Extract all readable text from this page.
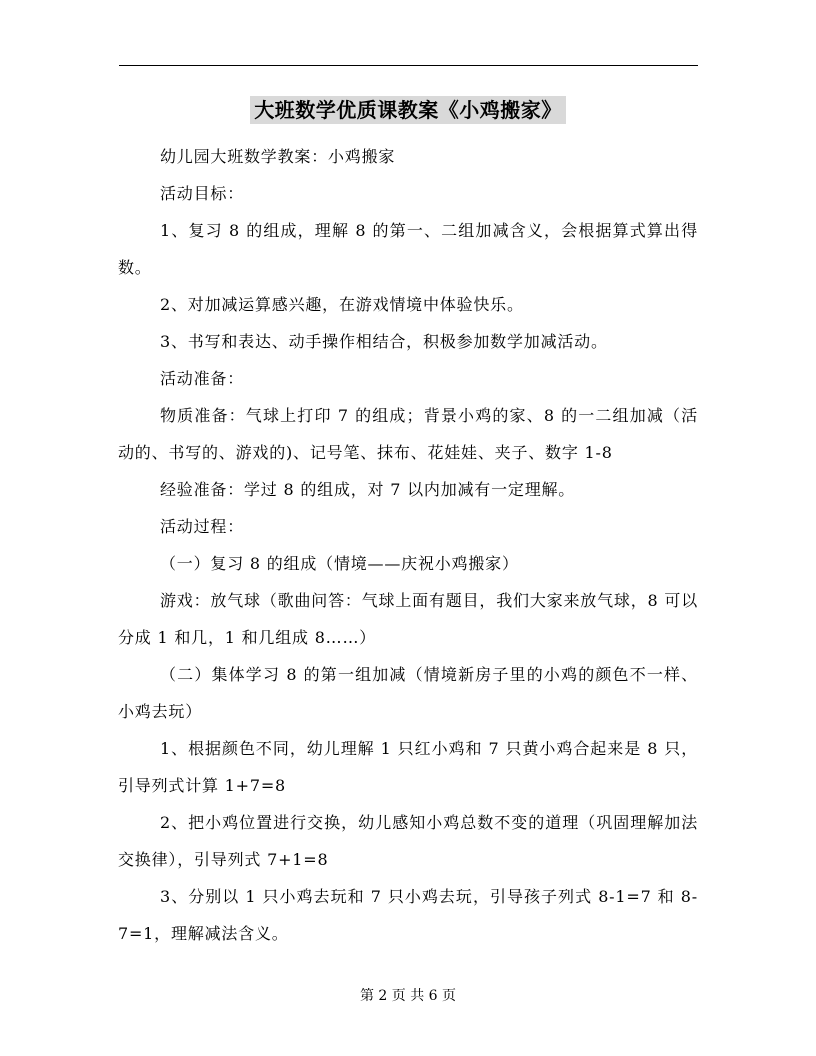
大班数学优质课教案《小鸡搬家》

幼儿园大班数学教案：小鸡搬家

活动目标：

1、复习 8 的组成，理解 8 的第一、二组加减含义，会根据算式算出得数。

2、对加减运算感兴趣，在游戏情境中体验快乐。

3、书写和表达、动手操作相结合，积极参加数学加减活动。

活动准备：

物质准备：气球上打印 7 的组成；背景小鸡的家、8 的一二组加减（活动的、书写的、游戏的)、记号笔、抹布、花娃娃、夹子、数字 1-8

经验准备：学过 8 的组成，对 7 以内加减有一定理解。

活动过程：

（一）复习 8 的组成（情境——庆祝小鸡搬家）

游戏：放气球（歌曲问答：气球上面有题目，我们大家来放气球，8 可以分成 1 和几，1 和几组成 8……）

（二）集体学习 8 的第一组加减（情境新房子里的小鸡的颜色不一样、小鸡去玩）

1、根据颜色不同，幼儿理解 1 只红小鸡和 7 只黄小鸡合起来是 8 只，引导列式计算 1+7=8

2、把小鸡位置进行交换，幼儿感知小鸡总数不变的道理（巩固理解加法交换律），引导列式 7+1=8

3、分别以 1 只小鸡去玩和 7 只小鸡去玩，引导孩子列式 8-1=7 和 8-7=1，理解减法含义。

第 2 页 共 6 页
